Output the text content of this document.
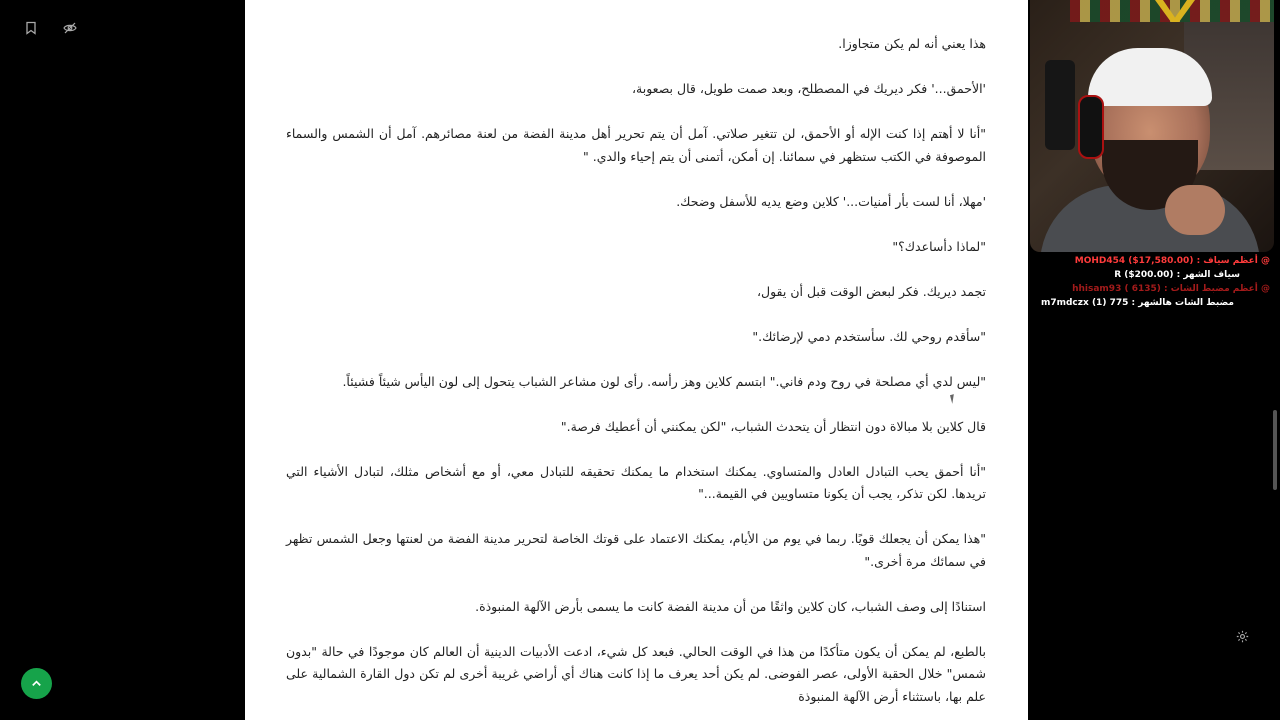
هذا يعني أنه لم يكن متجاوزا.

'الأحمق...' فكر ديريك في المصطلح، وبعد صمت طويل، قال بصعوبة،

"أنا لا أهتم إذا كنت الإله أو الأحمق، لن تتغير صلاتي. آمل أن يتم تحرير أهل مدينة الفضة من لعنة مصائرهم. آمل أن الشمس والسماء الموصوفة في الكتب ستظهر في سمائنا. إن أمكن، أتمنى أن يتم إحياء والدي. "

'مهلا، أنا لست بأر أمنيات...' كلاين وضع يديه للأسفل وضحك.

"لماذا دأساعدك؟"

تجمد ديريك. فكر لبعض الوقت قبل أن يقول،

"سأقدم روحي لك. سأستخدم دمي لإرضائك."

"ليس لدي أي مصلحة في روح ودم فاني." ابتسم كلاين وهز رأسه. رأى لون مشاعر الشباب يتحول إلى لون اليأس شيئاً فشيئاً.

قال كلاين بلا مبالاة دون انتظار أن يتحدث الشباب، "لكن يمكنني أن أعطيك فرصة."

"أنا أحمق يحب التبادل العادل والمتساوي. يمكنك استخدام ما يمكنك تحقيقه للتبادل معي، أو مع أشخاص مثلك، لتبادل الأشياء التي تريدها. لكن تذكر، يجب أن يكونا متساويين في القيمة..."

"هذا يمكن أن يجعلك قويًا. ربما في يوم من الأيام، يمكنك الاعتماد على قوتك الخاصة لتحرير مدينة الفضة من لعنتها وجعل الشمس تظهر في سمائك مرة أخرى."

استنادًا إلى وصف الشباب، كان كلاين واثقًا من أن مدينة الفضة كانت ما يسمى بأرض الآلهة المنبوذة.

بالطبع، لم يمكن أن يكون متأكدًا من هذا في الوقت الحالي. فبعد كل شيء، ادعت الأدبيات الدينية أن العالم كان موجودًا في حالة "بدون شمس" خلال الحقبة الأولى، عصر الفوضى. لم يكن أحد يعرف ما إذا كانت هناك أي أراضي غريبة أخرى لم تكن دول القارة الشمالية على علم بها، باستثناء أرض الآلهة المنبوذة

@ أعظم سياف : MOHD454 ($17,580.00)
سياف الشهر : (R ($200.00
@ أعظم مضبط الشات : hhisam93 ( 6135)
مضبط الشات هالشهر : m7mdczx (1) 775
